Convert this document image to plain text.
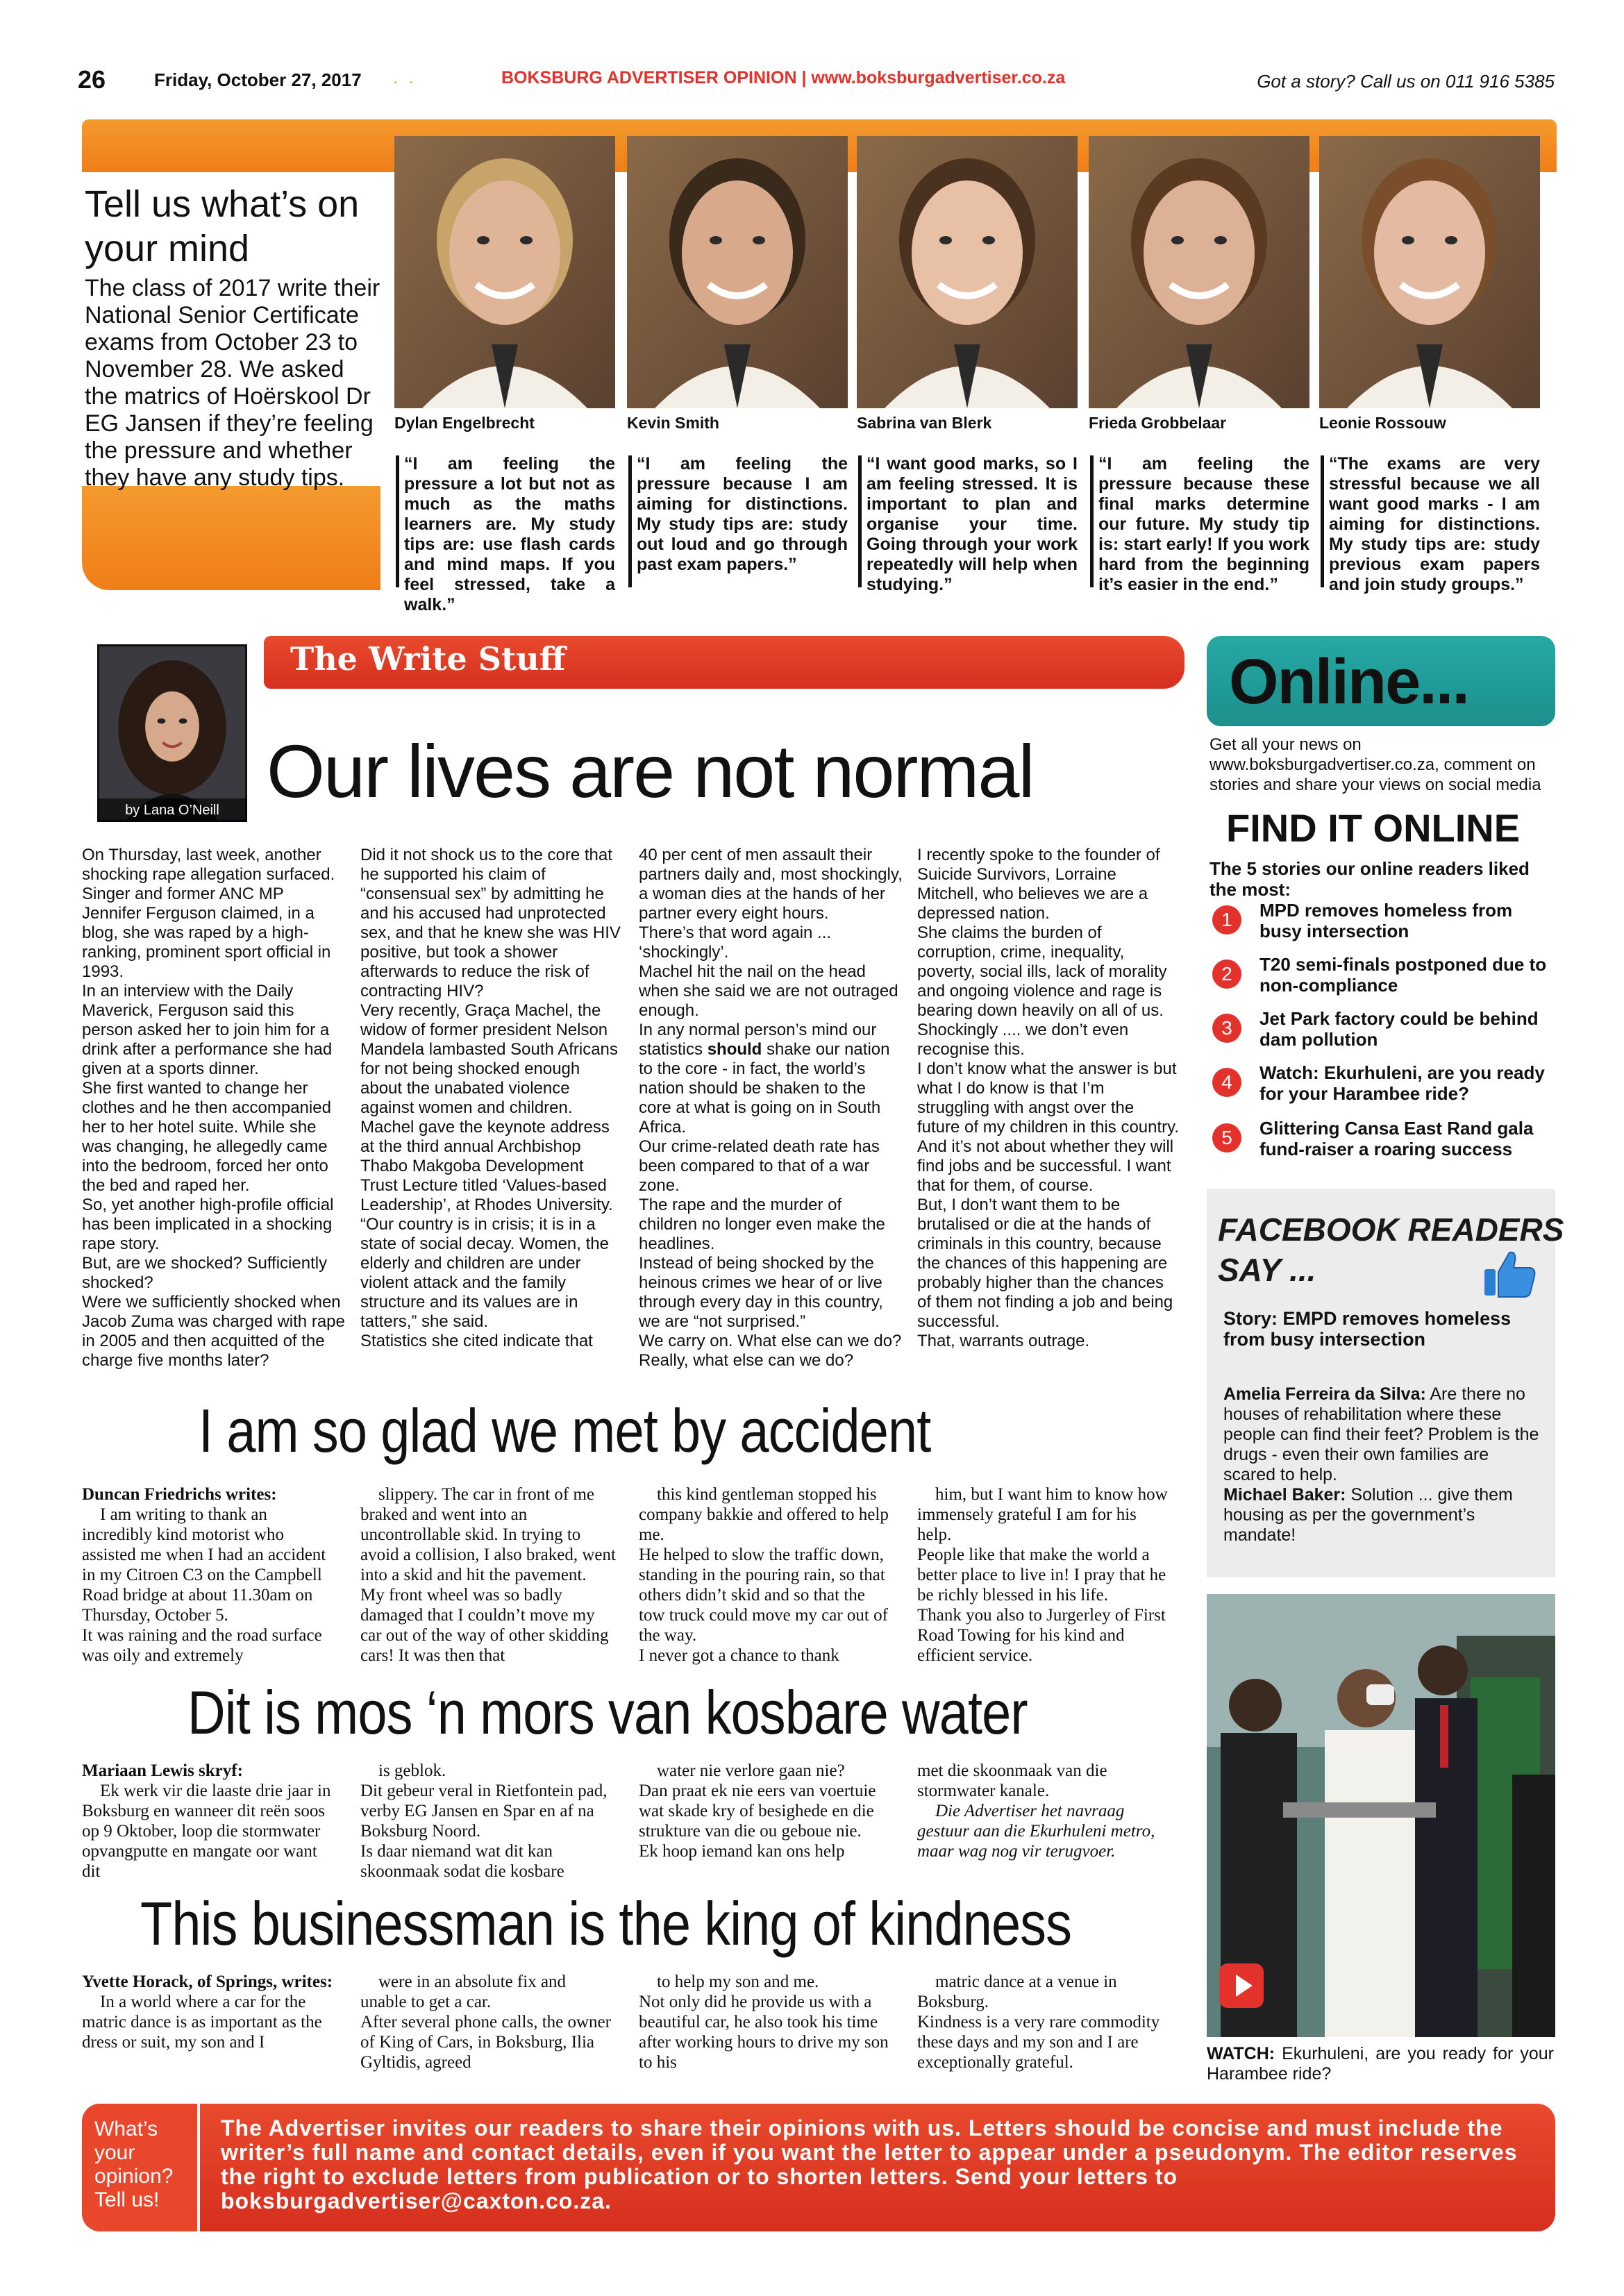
26	Friday, October 27, 2017 . .	BOKSBURG ADVERTISER OPINION | www.boksburgadvertiser.co.za	Got a story? Call us on 011 916 5385
Tell us what’s on your mind
The class of 2017 write their National Senior Certificate exams from October 23 to November 28. We asked the matrics of Hoërskool Dr EG Jansen if they’re feeling the pressure and whether they have any study tips.
Dylan Engelbrecht
“I am feeling the pressure a lot but not as much as the maths learners are. My study tips are: use flash cards and mind maps. If you feel stressed, take a walk.”
Kevin Smith
“I am feeling the pressure because I am aiming for distinctions. My study tips are: study out loud and go through past exam papers.”
Sabrina van Blerk
“I want good marks, so I am feeling stressed. It is important to plan and organise your time. Going through your work repeatedly will help when studying.”
Frieda Grobbelaar
“I am feeling the pressure because these final marks determine our future. My study tip is: start early! If you work hard from the beginning it’s easier in the end.”
Leonie Rossouw
“The exams are very stressful because we all want good marks - I am aiming for distinctions. My study tips are: study previous exam papers and join study groups.”
The Write Stuff
by Lana O’Neill Our lives are not normal
On Thursday, last week, another shocking rape allegation surfaced. Singer and former ANC MP Jennifer Ferguson claimed, in a blog, she was raped by a high-ranking, prominent sport official in 1993.
In an interview with the Daily Maverick, Ferguson said this person asked her to join him for a drink after a performance she had given at a sports dinner.
She first wanted to change her clothes and he then accompanied her to her hotel suite. While she was changing, he allegedly came into the bedroom, forced her onto the bed and raped her.
So, yet another high-profile official has been implicated in a shocking rape story.
But, are we shocked? Sufficiently shocked?
Were we sufficiently shocked when Jacob Zuma was charged with rape in 2005 and then acquitted of the charge five months later?
Did it not shock us to the core that he supported his claim of “consensual sex” by admitting he and his accused had unprotected sex, and that he knew she was HIV positive, but took a shower afterwards to reduce the risk of contracting HIV?
Very recently, Graça Machel, the widow of former president Nelson Mandela lambasted South Africans for not being shocked enough about the unabated violence against women and children.
Machel gave the keynote address at the third annual Archbishop Thabo Makgoba Development Trust Lecture titled ‘Values-based Leadership’, at Rhodes University.
“Our country is in crisis; it is in a state of social decay. Women, the elderly and children are under violent attack and the family structure and its values are in tatters,” she said.
Statistics she cited indicate that
40 per cent of men assault their partners daily and, most shockingly, a woman dies at the hands of her partner every eight hours.
There’s that word again ... ‘shockingly’.
Machel hit the nail on the head when she said we are not outraged enough.
In any normal person’s mind our statistics should shake our nation to the core - in fact, the world’s nation should be shaken to the core at what is going on in South Africa.
Our crime-related death rate has been compared to that of a war zone.
The rape and the murder of children no longer even make the headlines.
Instead of being shocked by the heinous crimes we hear of or live through every day in this country, we are “not surprised.”
We carry on. What else can we do?
Really, what else can we do?
I recently spoke to the founder of Suicide Survivors, Lorraine Mitchell, who believes we are a depressed nation.
She claims the burden of corruption, crime, inequality, poverty, social ills, lack of morality and ongoing violence and rage is bearing down heavily on all of us.
Shockingly .... we don’t even recognise this.
I don’t know what the answer is but what I do know is that I’m struggling with angst over the future of my children in this country. And it’s not about whether they will find jobs and be successful. I want that for them, of course.
But, I don’t want them to be brutalised or die at the hands of criminals in this country, because the chances of this happening are probably higher than the chances of them not finding a job and being successful.
That, warrants outrage.
I am so glad we met by accident
Duncan Friedrichs writes:
I am writing to thank an incredibly kind motorist who assisted me when I had an accident in my Citroen C3 on the Campbell Road bridge at about 11.30am on Thursday, October 5.
It was raining and the road surface was oily and extremely
slippery. The car in front of me braked and went into an uncontrollable skid. In trying to avoid a collision, I also braked, went into a skid and hit the pavement.
My front wheel was so badly damaged that I couldn’t move my car out of the way of other skidding cars! It was then that
this kind gentleman stopped his company bakkie and offered to help me.
He helped to slow the traffic down, standing in the pouring rain, so that others didn’t skid and so that the tow truck could move my car out of the way.
I never got a chance to thank
him, but I want him to know how immensely grateful I am for his help.
People like that make the world a better place to live in! I pray that he be richly blessed in his life.
Thank you also to Jurgerley of First Road Towing for his kind and efficient service.
Dit is mos ‘n mors van kosbare water
Mariaan Lewis skryf:
Ek werk vir die laaste drie jaar in Boksburg en wanneer dit reën soos op 9 Oktober, loop die stormwater opvangputte en mangate oor want dit
is geblok.
Dit gebeur veral in Rietfontein pad, verby EG Jansen en Spar en af na Boksburg Noord.
Is daar niemand wat dit kan skoonmaak sodat die kosbare
water nie verlore gaan nie?
Dan praat ek nie eers van voertuie wat skade kry of besighede en die strukture van die ou geboue nie.
Ek hoop iemand kan ons help
met die skoonmaak van die stormwater kanale.
Die Advertiser het navraag gestuur aan die Ekurhuleni metro, maar wag nog vir terugvoer.
This businessman is the king of kindness
Yvette Horack, of Springs, writes:
In a world where a car for the matric dance is as important as the dress or suit, my son and I
were in an absolute fix and unable to get a car.
After several phone calls, the owner of King of Cars, in Boksburg, Ilia Gyltidis, agreed
to help my son and me.
Not only did he provide us with a beautiful car, he also took his time after working hours to drive my son to his
matric dance at a venue in Boksburg.
Kindness is a very rare commodity these days and my son and I are exceptionally grateful.
Online...
Get all your news on www.boksburgadvertiser.co.za, comment on stories and share your views on social media
FIND IT ONLINE
The 5 stories our online readers liked the most:
1	MPD removes homeless from busy intersection
2	T20 semi-finals postponed due to non-compliance
3	Jet Park factory could be behind dam pollution
4	Watch: Ekurhuleni, are you ready for your Harambee ride?
5	Glittering Cansa East Rand gala fund-raiser a roaring success
FACEBOOK READERS
SAY ...
Story: EMPD removes homeless from busy intersection
Amelia Ferreira da Silva: Are there no houses of rehabilitation where these people can find their feet? Problem is the drugs - even their own families are scared to help.
Michael Baker: Solution ... give them housing as per the government’s mandate!
WATCH: Ekurhuleni, are you ready for your Harambee ride?
What’s your opinion? Tell us!
The Advertiser invites our readers to share their opinions with us. Letters should be concise and must include the writer’s full name and contact details, even if you want the letter to appear under a pseudonym. The editor reserves the right to exclude letters from publication or to shorten letters. Send your letters to boksburgadvertiser@caxton.co.za.
